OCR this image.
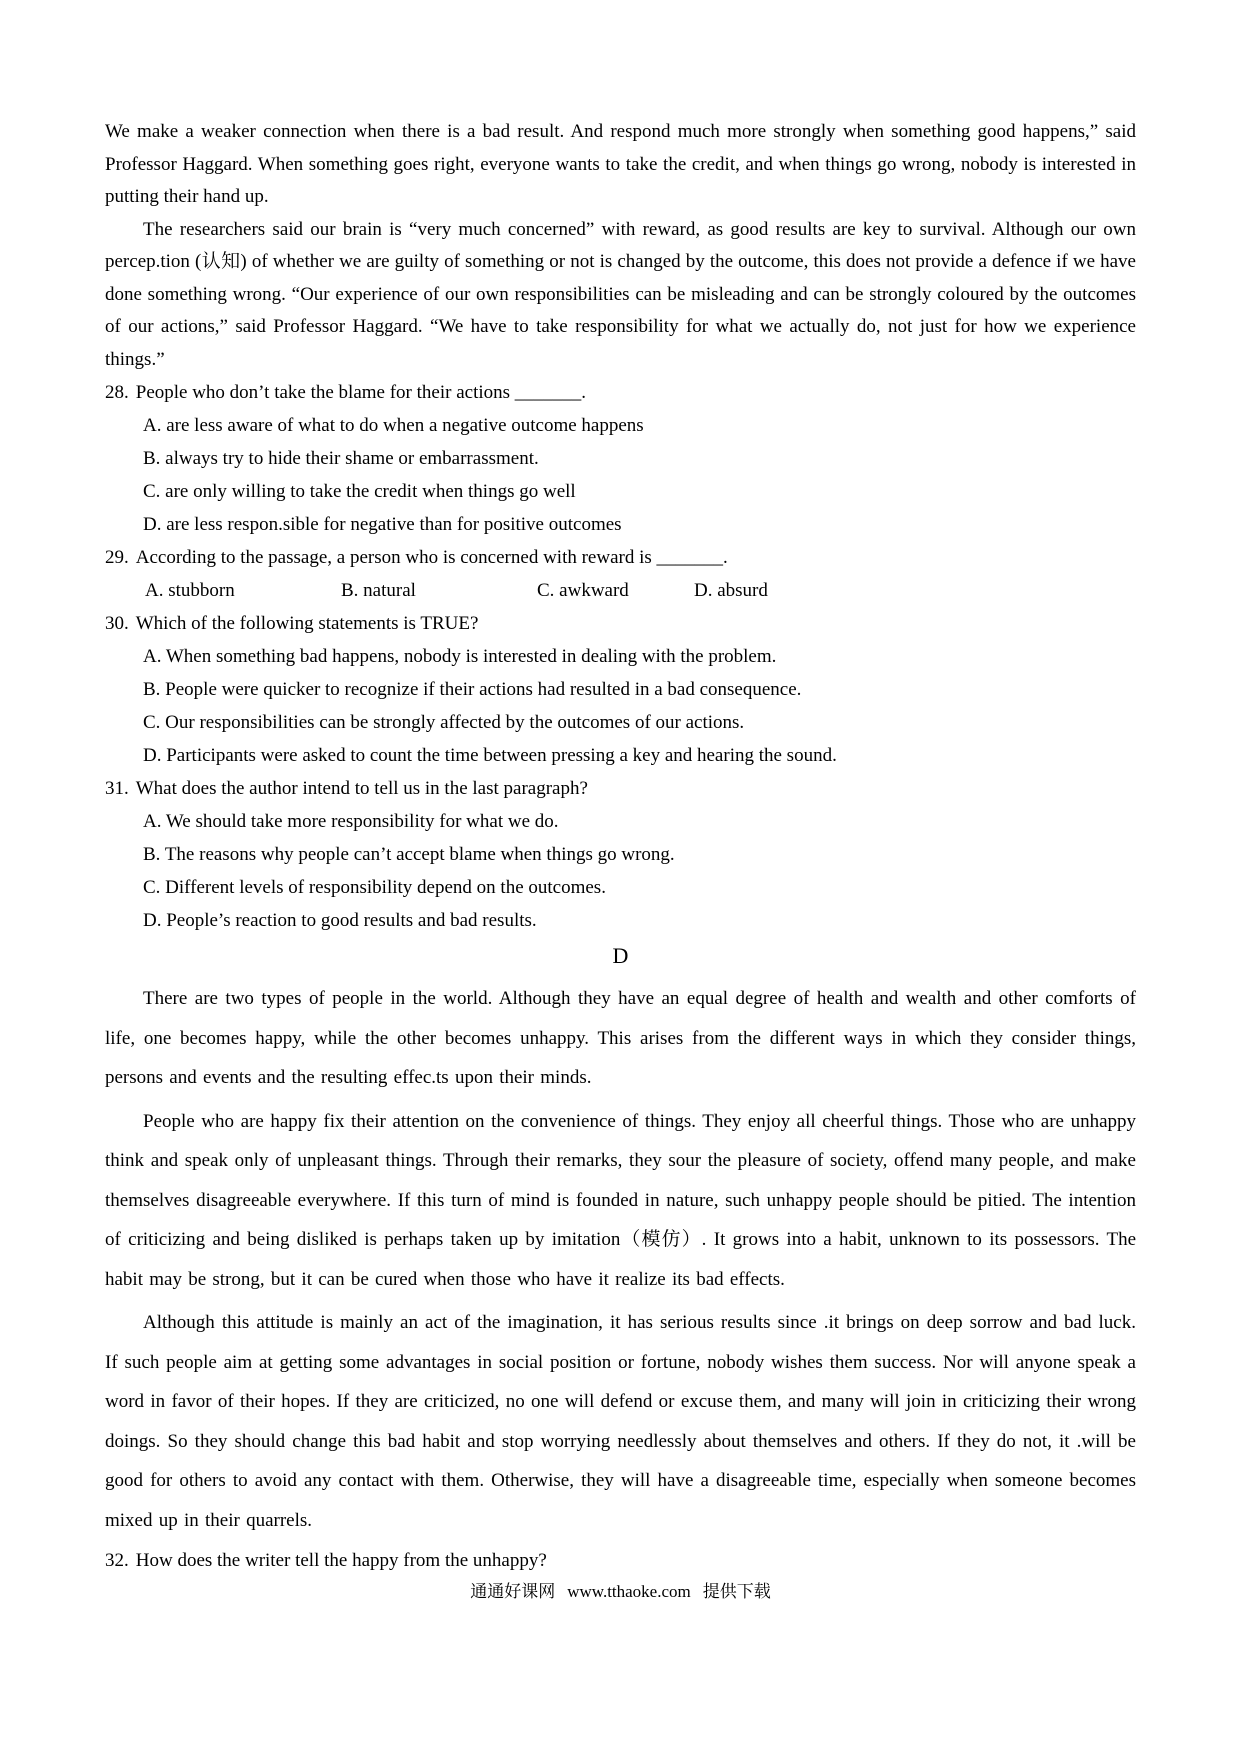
We make a weaker connection when there is a bad result. And respond much more strongly when something good happens,” said Professor Haggard. When something goes right, everyone wants to take the credit, and when things go wrong, nobody is interested in putting their hand up.

The researchers said our brain is “very much concerned” with reward, as good results are key to survival. Although our own percep.tion (认知) of whether we are guilty of something or not is changed by the outcome, this does not provide a defence if we have done something wrong. “Our experience of our own responsibilities can be misleading and can be strongly coloured by the outcomes of our actions,” said Professor Haggard. “We have to take responsibility for what we actually do, not just for how we experience things.”

28. People who don’t take the blame for their actions _______.
A. are less aware of what to do when a negative outcome happens
B. always try to hide their shame or embarrassment.
C. are only willing to take the credit when things go well
D. are less respon.sible for negative than for positive outcomes
29. According to the passage, a person who is concerned with reward is _______.
A. stubborn	B. natural	C. awkward	D. absurd
30. Which of the following statements is TRUE?
A. When something bad happens, nobody is interested in dealing with the problem.
B. People were quicker to recognize if their actions had resulted in a bad consequence.
C. Our responsibilities can be strongly affected by the outcomes of our actions.
D. Participants were asked to count the time between pressing a key and hearing the sound.
31. What does the author intend to tell us in the last paragraph?
A. We should take more responsibility for what we do.
B. The reasons why people can’t accept blame when things go wrong.
C. Different levels of responsibility depend on the outcomes.
D. People’s reaction to good results and bad results.
D

There are two types of people in the world. Although they have an equal degree of health and wealth and other comforts of life, one becomes happy, while the other becomes unhappy. This arises from the different ways in which they consider things, persons and events and the resulting effec.ts upon their minds.

People who are happy fix their attention on the convenience of things. They enjoy all cheerful things. Those who are unhappy think and speak only of unpleasant things. Through their remarks, they sour the pleasure of society, offend many people, and make themselves disagreeable everywhere. If this turn of mind is founded in nature, such unhappy people should be pitied. The intention of criticizing and being disliked is perhaps taken up by imitation（模仿）. It grows into a habit, unknown to its possessors. The habit may be strong, but it can be cured when those who have it realize its bad effects.

Although this attitude is mainly an act of the imagination, it has serious results since .it brings on deep sorrow and bad luck. If such people aim at getting some advantages in social position or fortune, nobody wishes them success. Nor will anyone speak a word in favor of their hopes. If they are criticized, no one will defend or excuse them, and many will join in criticizing their wrong doings. So they should change this bad habit and stop worrying needlessly about themselves and others. If they do not, it .will be good for others to avoid any contact with them. Otherwise, they will have a disagreeable time, especially when someone becomes mixed up in their quarrels.

32. How does the writer tell the happy from the unhappy?
通通好课网 www.tthaoke.com 提供下载
